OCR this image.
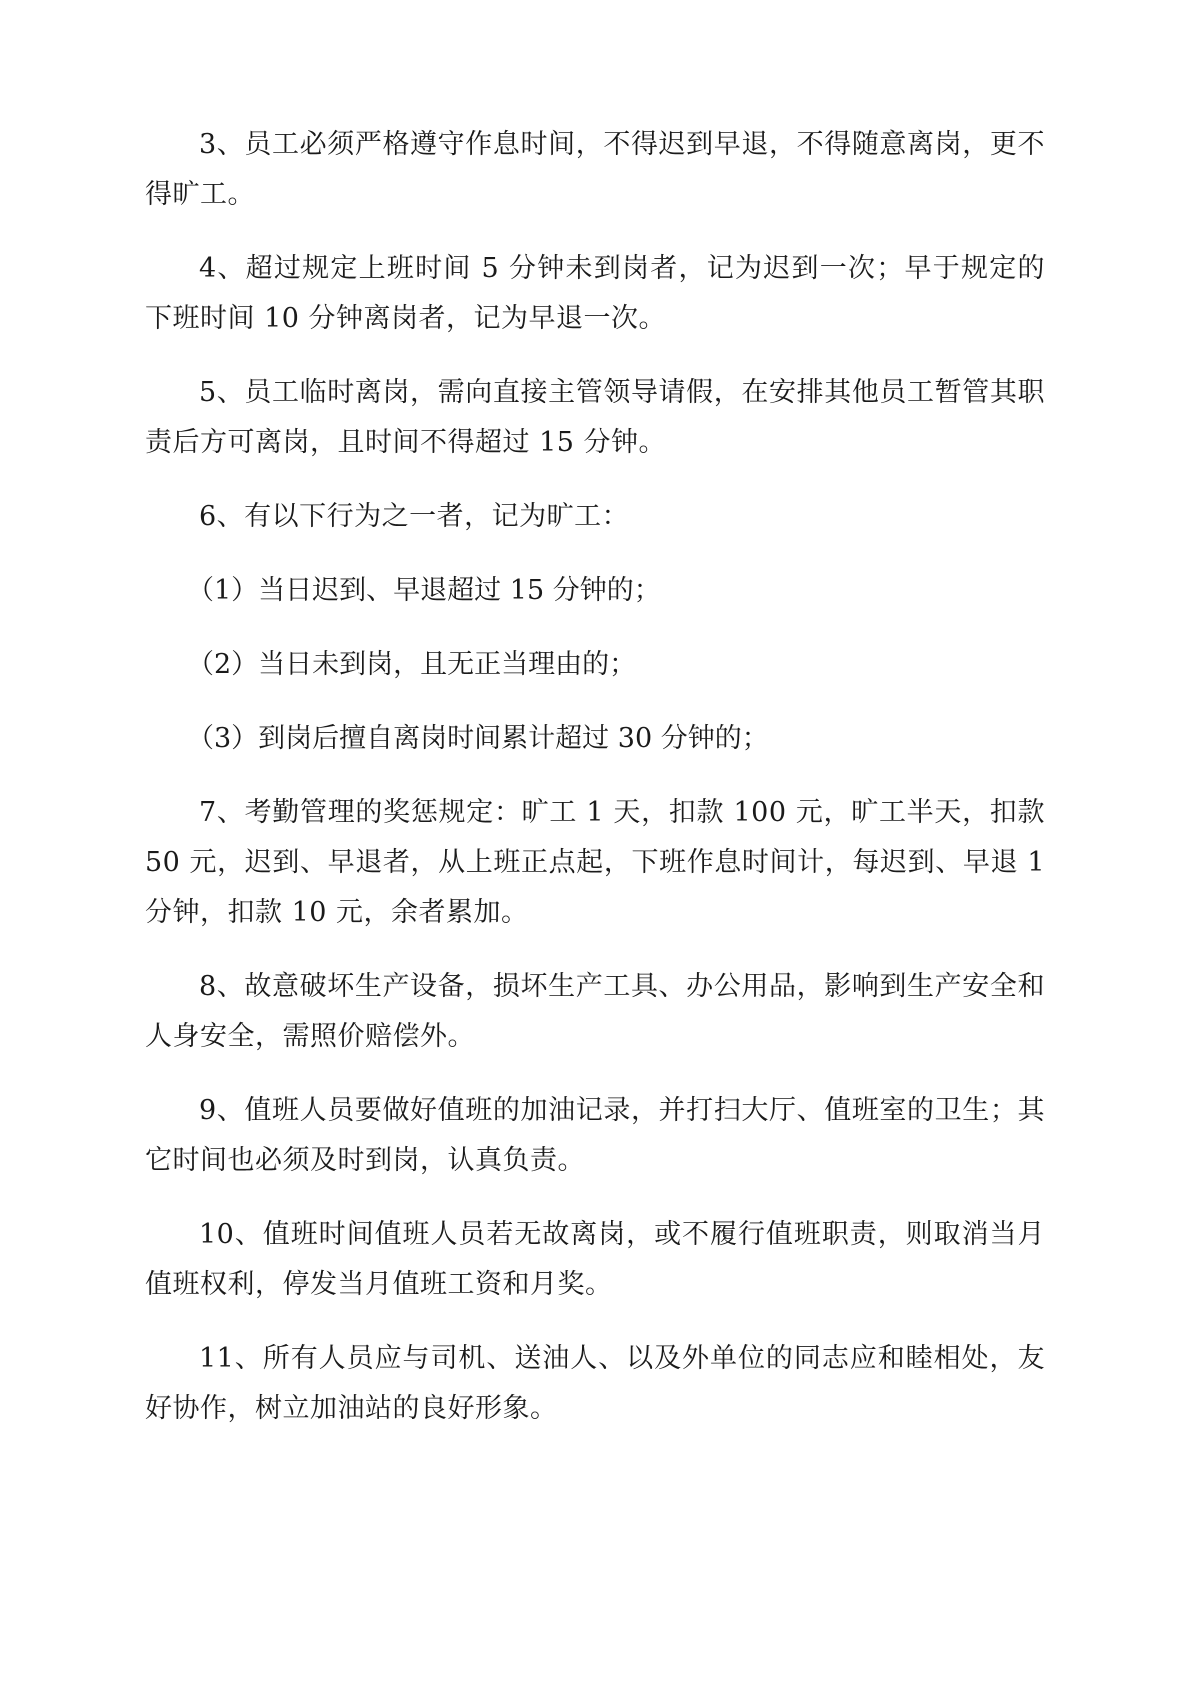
3、员工必须严格遵守作息时间，不得迟到早退，不得随意离岗，更不得旷工。

4、超过规定上班时间 5 分钟未到岗者，记为迟到一次；早于规定的下班时间 10 分钟离岗者，记为早退一次。

5、员工临时离岗，需向直接主管领导请假，在安排其他员工暂管其职责后方可离岗，且时间不得超过 15 分钟。

6、有以下行为之一者，记为旷工：

（1）当日迟到、早退超过 15 分钟的；

（2）当日未到岗，且无正当理由的；

（3）到岗后擅自离岗时间累计超过 30 分钟的；

7、考勤管理的奖惩规定：旷工 1 天，扣款 100 元，旷工半天，扣款 50 元，迟到、早退者，从上班正点起，下班作息时间计，每迟到、早退 1 分钟，扣款 10 元，余者累加。

8、故意破坏生产设备，损坏生产工具、办公用品，影响到生产安全和人身安全，需照价赔偿外。

9、值班人员要做好值班的加油记录，并打扫大厅、值班室的卫生；其它时间也必须及时到岗，认真负责。

10、值班时间值班人员若无故离岗，或不履行值班职责，则取消当月值班权利，停发当月值班工资和月奖。

11、所有人员应与司机、送油人、以及外单位的同志应和睦相处，友好协作，树立加油站的良好形象。
